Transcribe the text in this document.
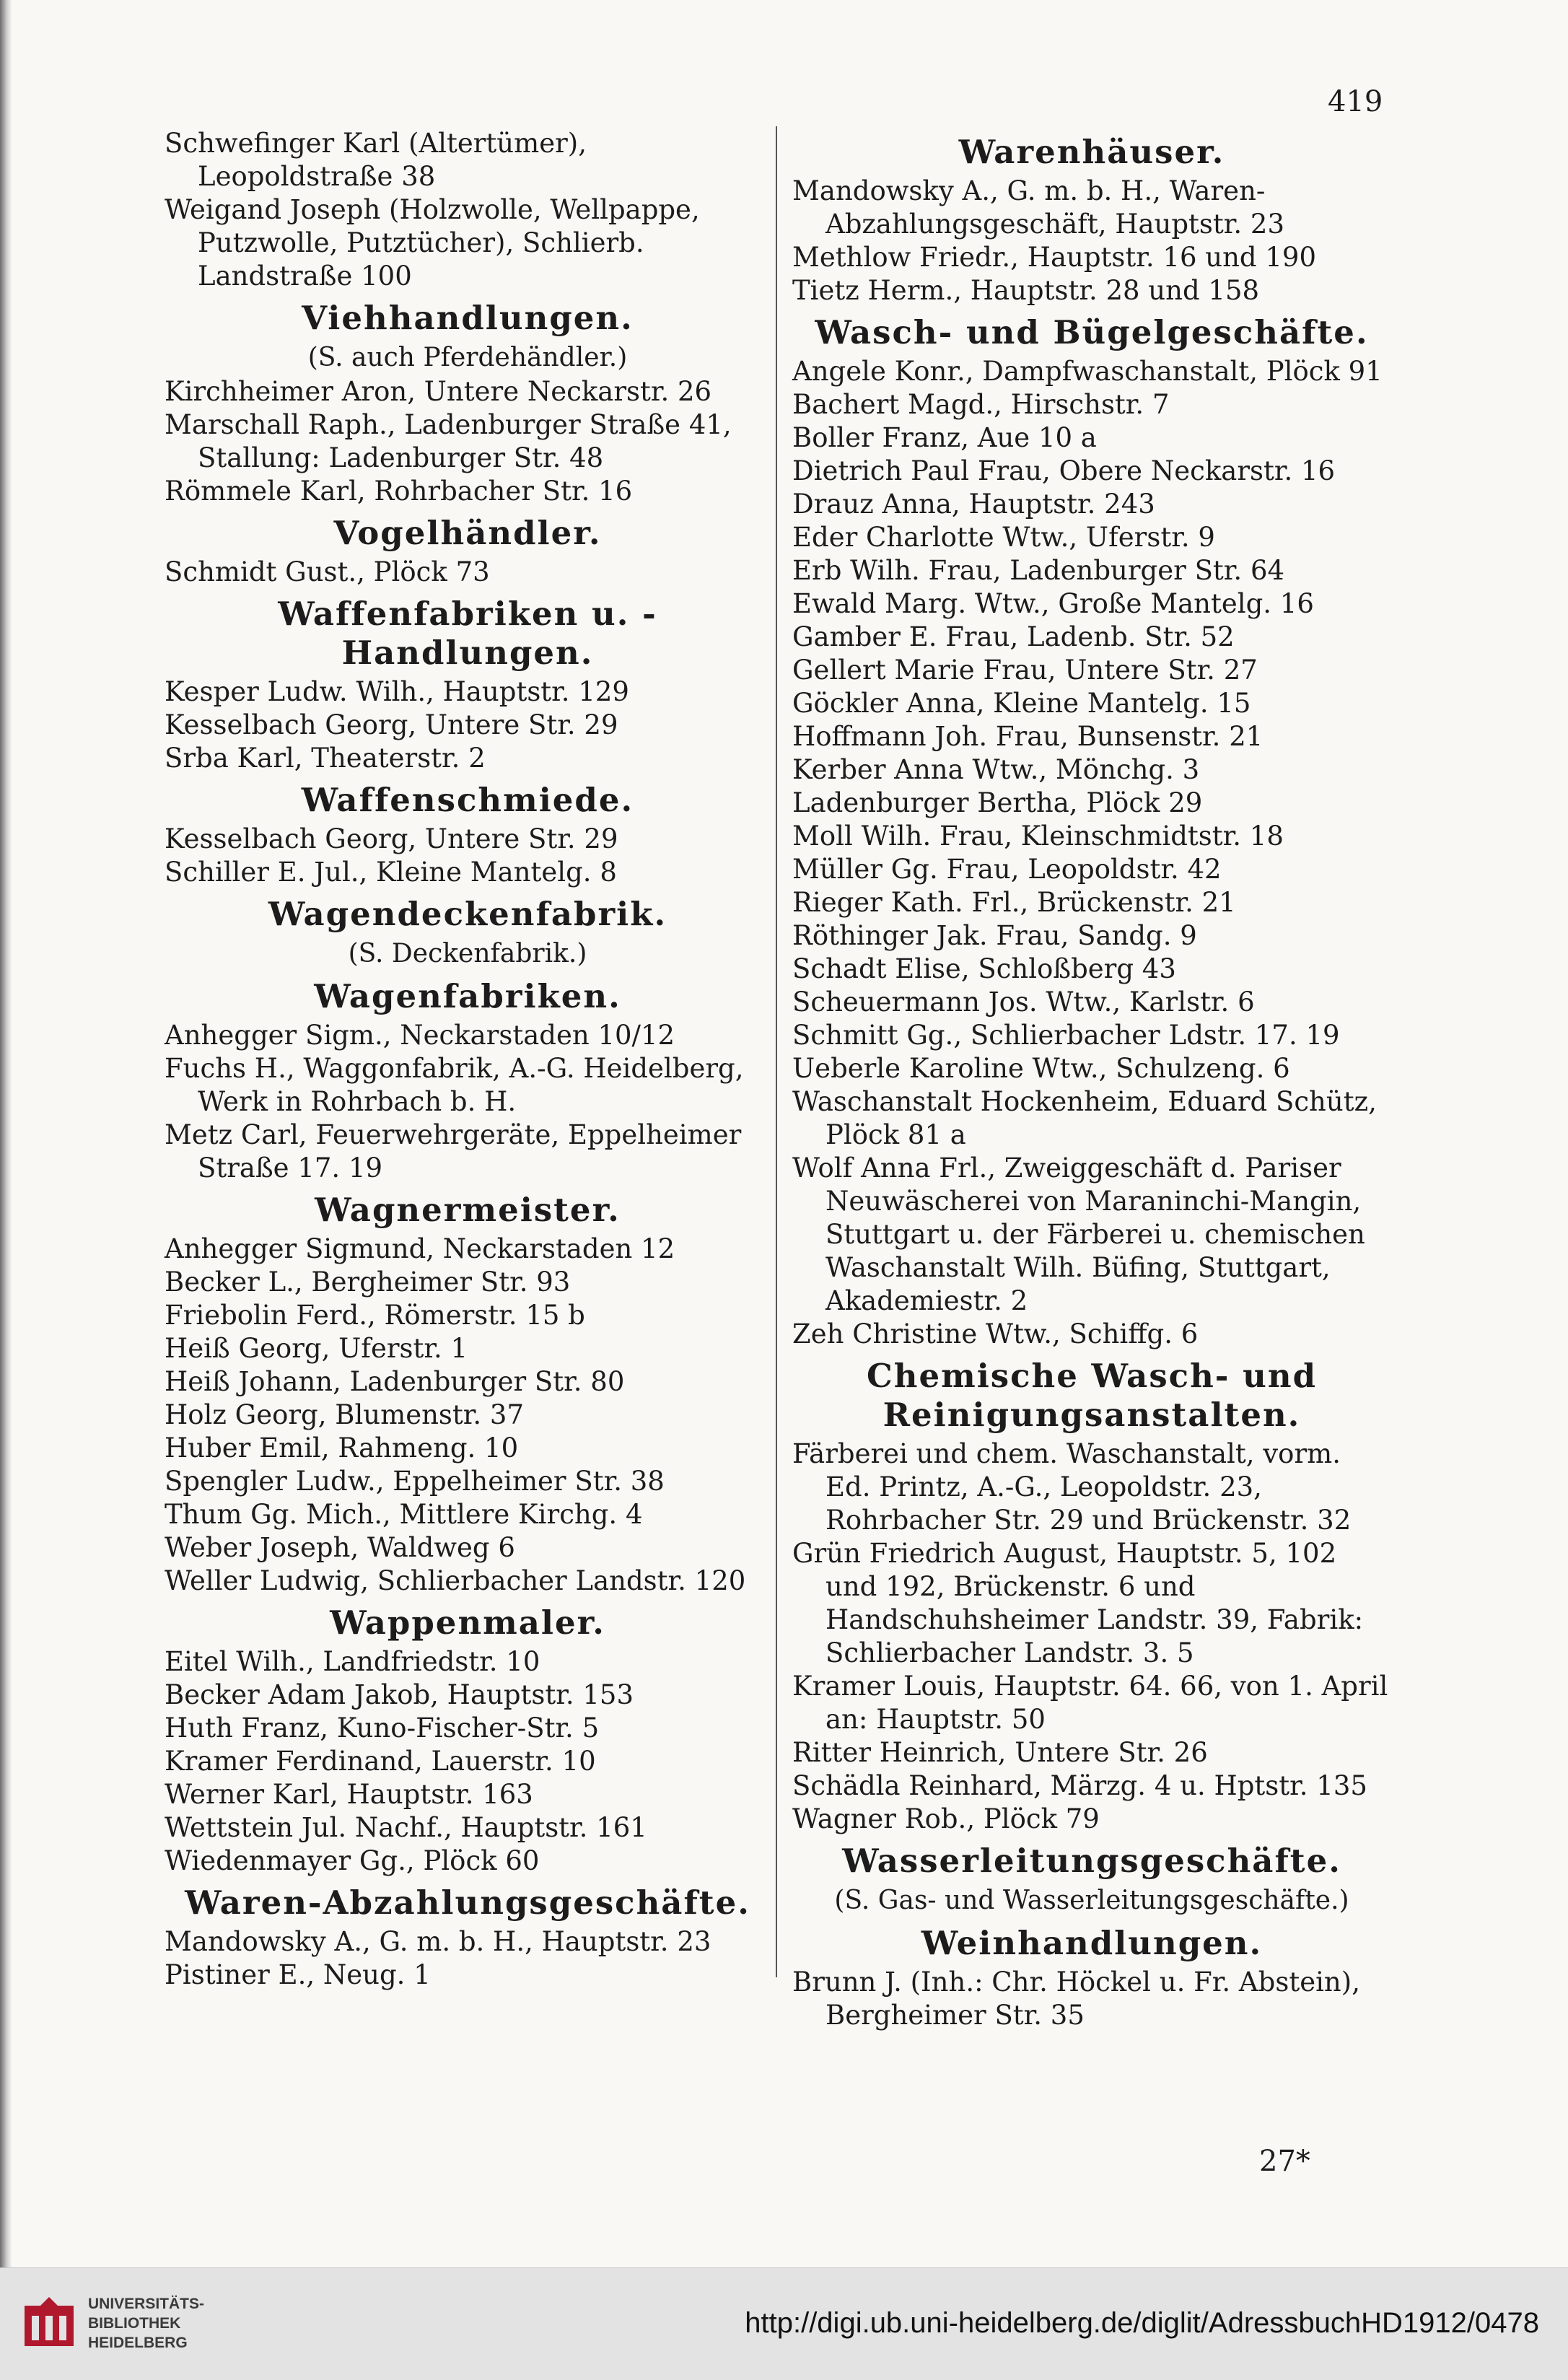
419
Schwefinger Karl (Altertümer), Leopoldstraße 38
Weigand Joseph (Holzwolle, Wellpappe, Putzwolle, Putztücher), Schlierb. Landstraße 100
Viehhandlungen.
(S. auch Pferdehändler.)
Kirchheimer Aron, Untere Neckarstr. 26
Marschall Raph., Ladenburger Straße 41, Stallung: Ladenburger Str. 48
Römmele Karl, Rohrbacher Str. 16
Vogelhändler.
Schmidt Gust., Plöck 73
Waffenfabriken u. -Handlungen.
Kesper Ludw. Wilh., Hauptstr. 129
Kesselbach Georg, Untere Str. 29
Srba Karl, Theaterstr. 2
Waffenschmiede.
Kesselbach Georg, Untere Str. 29
Schiller E. Jul., Kleine Mantelg. 8
Wagendeckenfabrik.
(S. Deckenfabrik.)
Wagenfabriken.
Anhegger Sigm., Neckarstaden 10/12
Fuchs H., Waggonfabrik, A.-G. Heidelberg, Werk in Rohrbach b. H.
Metz Carl, Feuerwehrgeräte, Eppelheimer Straße 17. 19
Wagnermeister.
Anhegger Sigmund, Neckarstaden 12
Becker L., Bergheimer Str. 93
Friebolin Ferd., Römerstr. 15 b
Heiß Georg, Uferstr. 1
Heiß Johann, Ladenburger Str. 80
Holz Georg, Blumenstr. 37
Huber Emil, Rahmeng. 10
Spengler Ludw., Eppelheimer Str. 38
Thum Gg. Mich., Mittlere Kirchg. 4
Weber Joseph, Waldweg 6
Weller Ludwig, Schlierbacher Landstr. 120
Wappenmaler.
Eitel Wilh., Landfriedstr. 10
Becker Adam Jakob, Hauptstr. 153
Huth Franz, Kuno-Fischer-Str. 5
Kramer Ferdinand, Lauerstr. 10
Werner Karl, Hauptstr. 163
Wettstein Jul. Nachf., Hauptstr. 161
Wiedenmayer Gg., Plöck 60
Waren-Abzahlungsgeschäfte.
Mandowsky A., G. m. b. H., Hauptstr. 23
Pistiner E., Neug. 1
Warenhäuser.
Mandowsky A., G. m. b. H., Waren-Abzahlungsgeschäft, Hauptstr. 23
Methlow Friedr., Hauptstr. 16 und 190
Tietz Herm., Hauptstr. 28 und 158
Wasch- und Bügelgeschäfte.
Angele Konr., Dampfwaschanstalt, Plöck 91
Bachert Magd., Hirschstr. 7
Boller Franz, Aue 10 a
Dietrich Paul Frau, Obere Neckarstr. 16
Drauz Anna, Hauptstr. 243
Eder Charlotte Wtw., Uferstr. 9
Erb Wilh. Frau, Ladenburger Str. 64
Ewald Marg. Wtw., Große Mantelg. 16
Gamber E. Frau, Ladenb. Str. 52
Gellert Marie Frau, Untere Str. 27
Göckler Anna, Kleine Mantelg. 15
Hoffmann Joh. Frau, Bunsenstr. 21
Kerber Anna Wtw., Mönchg. 3
Ladenburger Bertha, Plöck 29
Moll Wilh. Frau, Kleinschmidtstr. 18
Müller Gg. Frau, Leopoldstr. 42
Rieger Kath. Frl., Brückenstr. 21
Röthinger Jak. Frau, Sandg. 9
Schadt Elise, Schloßberg 43
Scheuermann Jos. Wtw., Karlstr. 6
Schmitt Gg., Schlierbacher Ldstr. 17. 19
Ueberle Karoline Wtw., Schulzeng. 6
Waschanstalt Hockenheim, Eduard Schütz, Plöck 81 a
Wolf Anna Frl., Zweiggeschäft d. Pariser Neuwäscherei von Maraninchi-Mangin, Stuttgart u. der Färberei u. chemischen Waschanstalt Wilh. Büfing, Stuttgart, Akademiestr. 2
Zeh Christine Wtw., Schiffg. 6
Chemische Wasch- und Reinigungsanstalten.
Färberei und chem. Waschanstalt, vorm. Ed. Printz, A.-G., Leopoldstr. 23, Rohrbacher Str. 29 und Brückenstr. 32
Grün Friedrich August, Hauptstr. 5, 102 und 192, Brückenstr. 6 und Handschuhsheimer Landstr. 39, Fabrik: Schlierbacher Landstr. 3. 5
Kramer Louis, Hauptstr. 64. 66, von 1. April an: Hauptstr. 50
Ritter Heinrich, Untere Str. 26
Schädla Reinhard, Märzg. 4 u. Hptstr. 135
Wagner Rob., Plöck 79
Wasserleitungsgeschäfte.
(S. Gas- und Wasserleitungsgeschäfte.)
Weinhandlungen.
Brunn J. (Inh.: Chr. Höckel u. Fr. Abstein), Bergheimer Str. 35
27*
UNIVERSITÄTS-
BIBLIOTHEK
HEIDELBERG
http://digi.ub.uni-heidelberg.de/diglit/AdressbuchHD1912/0478
